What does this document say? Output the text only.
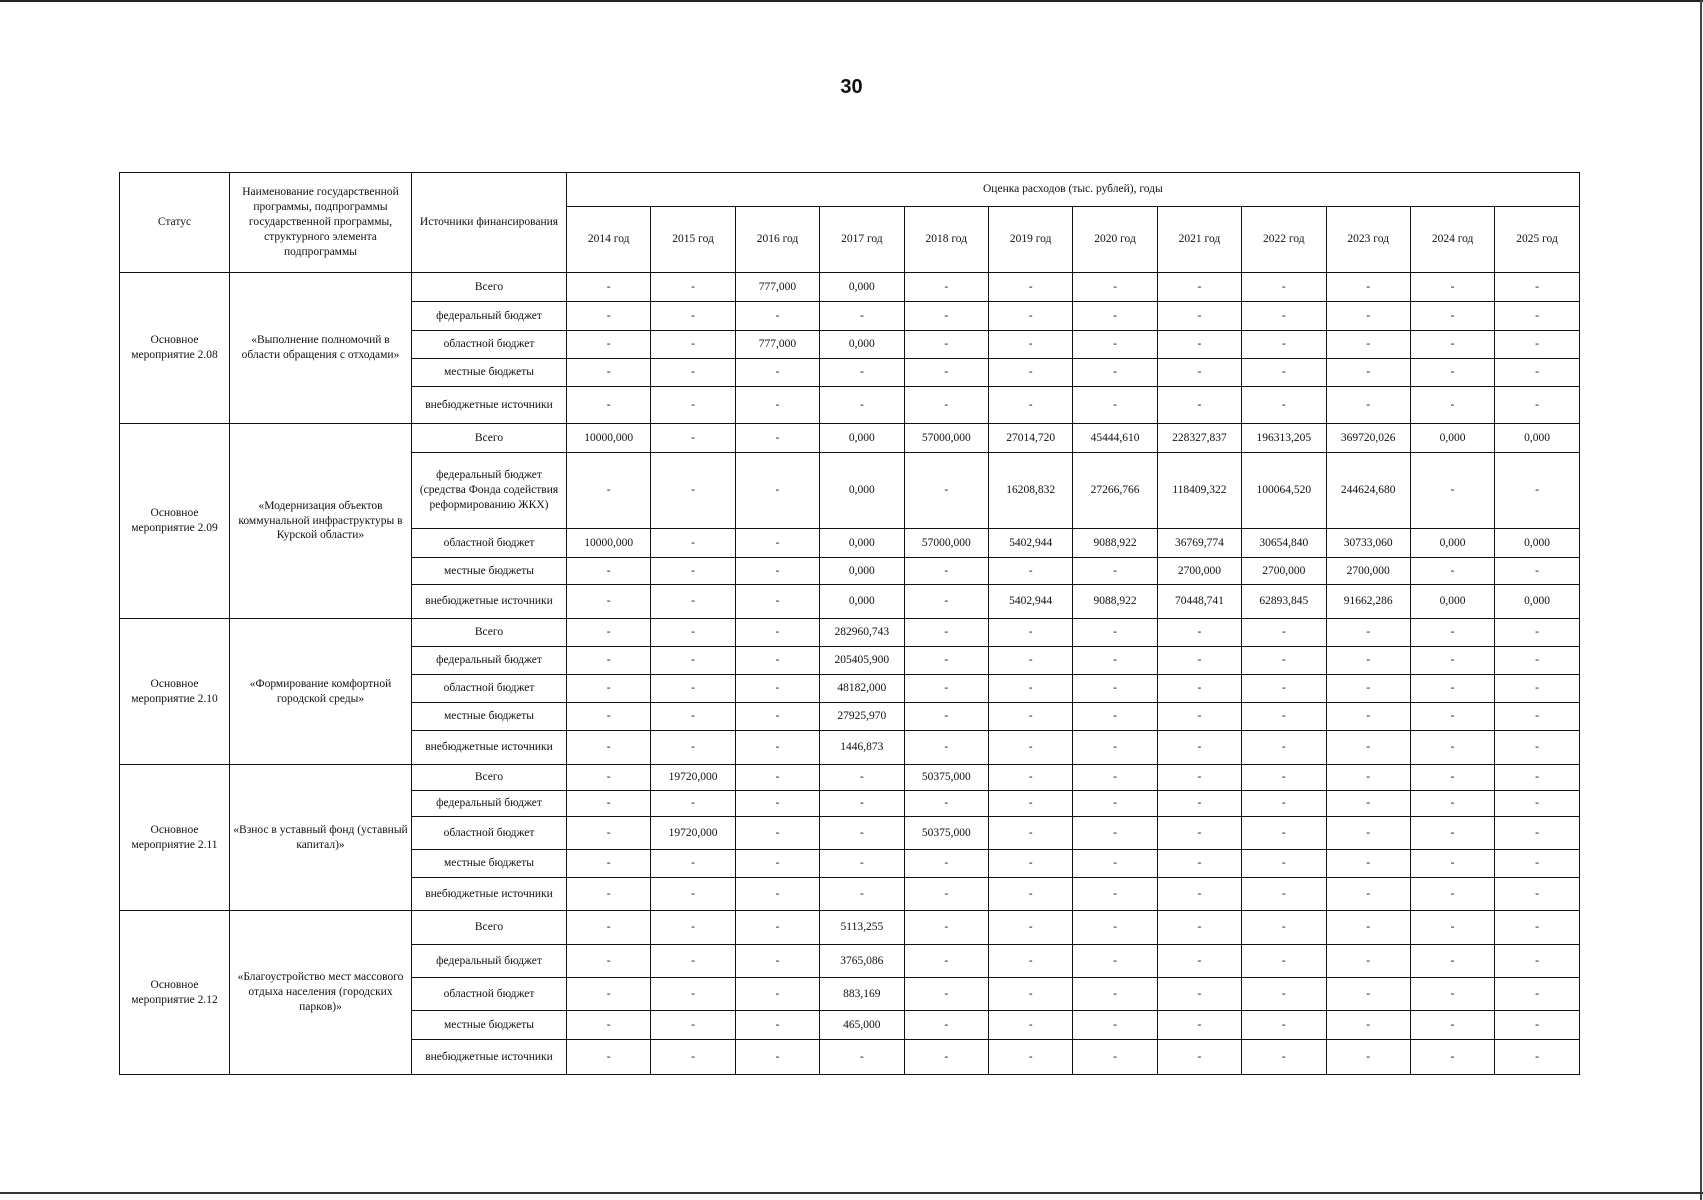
30
Статус	Наименование государственной программы, подпрограммы государственной программы, структурного элемента подпрограммы	Источники финансирования	Оценка расходов (тыс. рублей), годы											
			2014 год	2015 год	2016 год	2017 год	2018 год	2019 год	2020 год	2021 год	2022 год	2023 год	2024 год	2025 год
Основное мероприятие 2.08	«Выполнение полномочий в области обращения с отходами»	Всего	-	-	777,000	0,000	-	-	-	-	-	-	-	-
		федеральный бюджет	-	-	-	-	-	-	-	-	-	-	-	-
		областной бюджет	-	-	777,000	0,000	-	-	-	-	-	-	-	-
		местные бюджеты	-	-	-	-	-	-	-	-	-	-	-	-
		внебюджетные источники	-	-	-	-	-	-	-	-	-	-	-	-
Основное мероприятие 2.09	«Модернизация объектов коммунальной инфраструктуры в Курской области»	Всего	10000,000	-	-	0,000	57000,000	27014,720	45444,610	228327,837	196313,205	369720,026	0,000	0,000
		федеральный бюджет (средства Фонда содействия реформированию ЖКХ)	-	-	-	0,000	-	16208,832	27266,766	118409,322	100064,520	244624,680	-	-
		областной бюджет	10000,000	-	-	0,000	57000,000	5402,944	9088,922	36769,774	30654,840	30733,060	0,000	0,000
		местные бюджеты	-	-	-	0,000	-	-	-	2700,000	2700,000	2700,000	-	-
		внебюджетные источники	-	-	-	0,000	-	5402,944	9088,922	70448,741	62893,845	91662,286	0,000	0,000
Основное мероприятие 2.10	«Формирование комфортной городской среды»	Всего	-	-	-	282960,743	-	-	-	-	-	-	-	-
		федеральный бюджет	-	-	-	205405,900	-	-	-	-	-	-	-	-
		областной бюджет	-	-	-	48182,000	-	-	-	-	-	-	-	-
		местные бюджеты	-	-	-	27925,970	-	-	-	-	-	-	-	-
		внебюджетные источники	-	-	-	1446,873	-	-	-	-	-	-	-	-
Основное мероприятие 2.11	«Взнос в уставный фонд (уставный капитал)»	Всего	-	19720,000	-	-	50375,000	-	-	-	-	-	-	-
		федеральный бюджет	-	-	-	-	-	-	-	-	-	-	-	-
		областной бюджет	-	19720,000	-	-	50375,000	-	-	-	-	-	-	-
		местные бюджеты	-	-	-	-	-	-	-	-	-	-	-	-
		внебюджетные источники	-	-	-	-	-	-	-	-	-	-	-	-
Основное мероприятие 2.12	«Благоустройство мест массового отдыха населения (городских парков)»	Всего	-	-	-	5113,255	-	-	-	-	-	-	-	-
		федеральный бюджет	-	-	-	3765,086	-	-	-	-	-	-	-	-
		областной бюджет	-	-	-	883,169	-	-	-	-	-	-	-	-
		местные бюджеты	-	-	-	465,000	-	-	-	-	-	-	-	-
		внебюджетные источники	-	-	-	-	-	-	-	-	-	-	-	-
